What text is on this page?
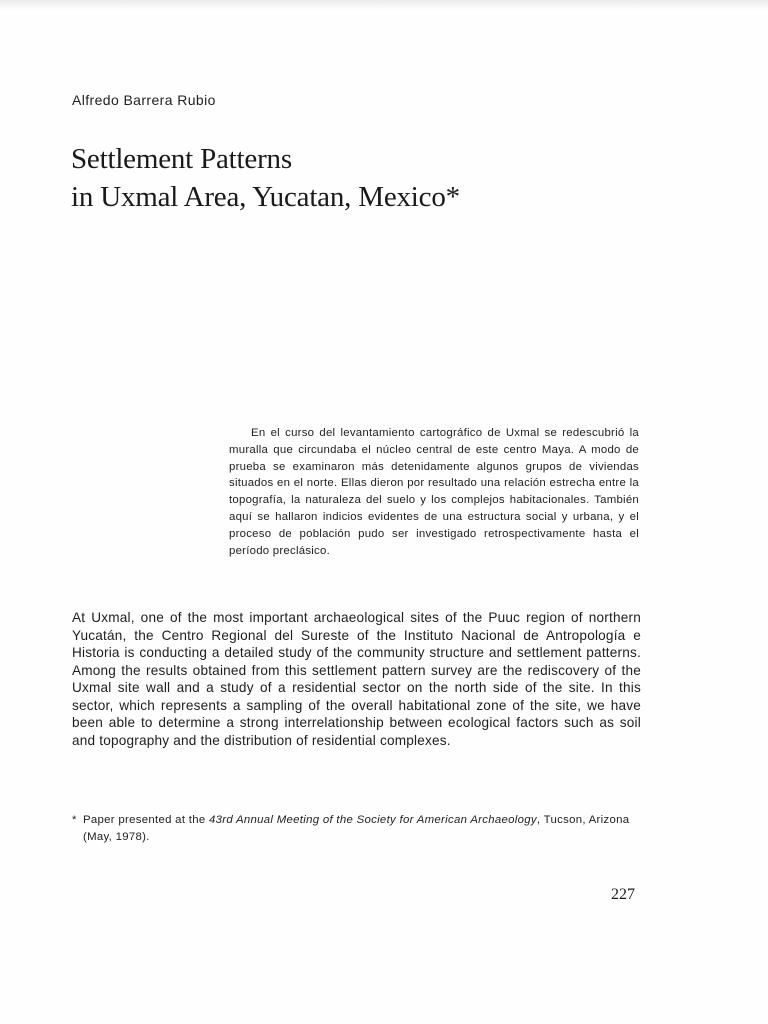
Alfredo Barrera Rubio

Settlement Patterns
in Uxmal Area, Yucatan, Mexico*

En el curso del levantamiento cartográfico de Uxmal se redescubrió la muralla que circundaba el núcleo central de este centro Maya. A modo de prueba se examinaron más detenidamente algunos grupos de viviendas situados en el norte. Ellas dieron por resultado una relación estrecha entre la topografía, la naturaleza del suelo y los complejos habitacionales. También aquí se hallaron indicios evidentes de una estructura social y urbana, y el proceso de población pudo ser investigado retrospectivamente hasta el período preclásico.

At Uxmal, one of the most important archaeological sites of the Puuc region of northern Yucatán, the Centro Regional del Sureste of the Instituto Nacional de Antropología e Historia is conducting a detailed study of the community structure and settlement patterns. Among the results obtained from this settlement pattern survey are the rediscovery of the Uxmal site wall and a study of a residential sector on the north side of the site. In this sector, which represents a sampling of the overall habitational zone of the site, we have been able to determine a strong interrelationship between ecological factors such as soil and topography and the distribution of residential complexes.

* Paper presented at the 43rd Annual Meeting of the Society for American Archaeology, Tucson, Arizona (May, 1978).

227
